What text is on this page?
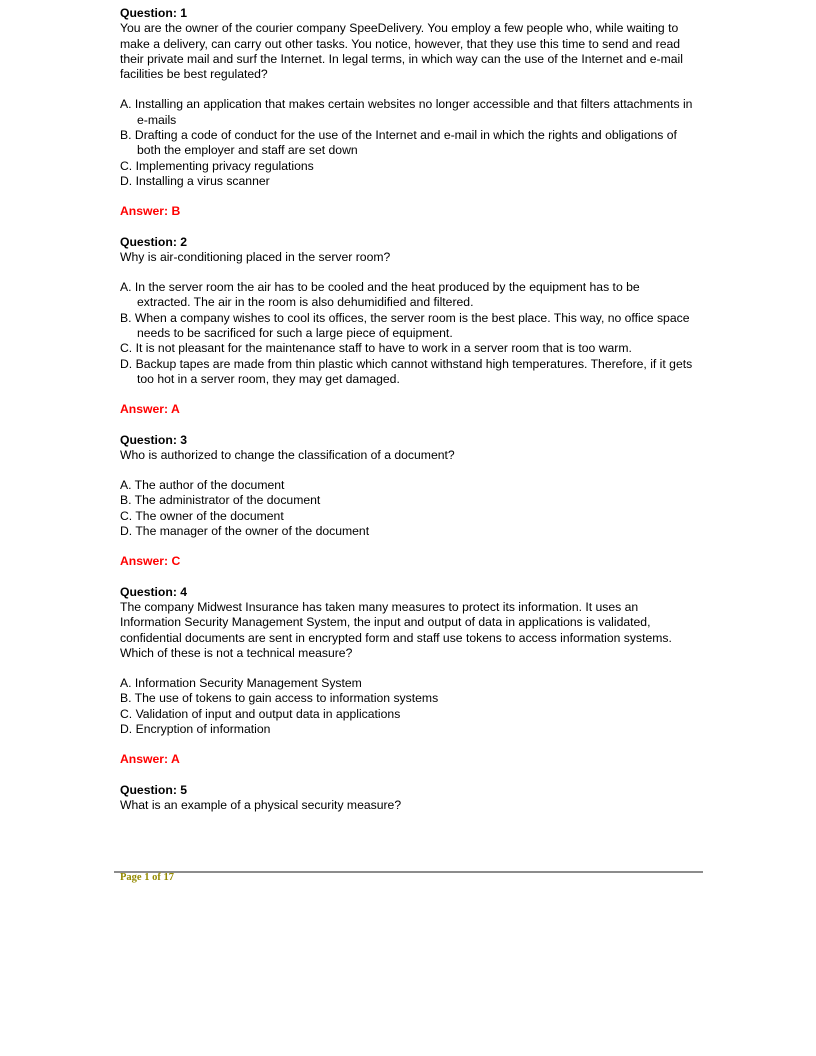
Question: 1
You are the owner of the courier company SpeeDelivery. You employ a few people who, while waiting to make a delivery, can carry out other tasks. You notice, however, that they use this time to send and read their private mail and surf the Internet. In legal terms, in which way can the use of the Internet and e-mail facilities be best regulated?
A. Installing an application that makes certain websites no longer accessible and that filters attachments in e-mails
B. Drafting a code of conduct for the use of the Internet and e-mail in which the rights and obligations of both the employer and staff are set down
C. Implementing privacy regulations
D. Installing a virus scanner
Answer: B
Question: 2
Why is air-conditioning placed in the server room?
A. In the server room the air has to be cooled and the heat produced by the equipment has to be extracted. The air in the room is also dehumidified and filtered.
B. When a company wishes to cool its offices, the server room is the best place. This way, no office space needs to be sacrificed for such a large piece of equipment.
C. It is not pleasant for the maintenance staff to have to work in a server room that is too warm.
D. Backup tapes are made from thin plastic which cannot withstand high temperatures. Therefore, if it gets too hot in a server room, they may get damaged.
Answer: A
Question: 3
Who is authorized to change the classification of a document?
A. The author of the document
B. The administrator of the document
C. The owner of the document
D. The manager of the owner of the document
Answer: C
Question: 4
The company Midwest Insurance has taken many measures to protect its information. It uses an Information Security Management System, the input and output of data in applications is validated, confidential documents are sent in encrypted form and staff use tokens to access information systems. Which of these is not a technical measure?
A. Information Security Management System
B. The use of tokens to gain access to information systems
C. Validation of input and output data in applications
D. Encryption of information
Answer: A
Question: 5
What is an example of a physical security measure?
Page 1 of 17
